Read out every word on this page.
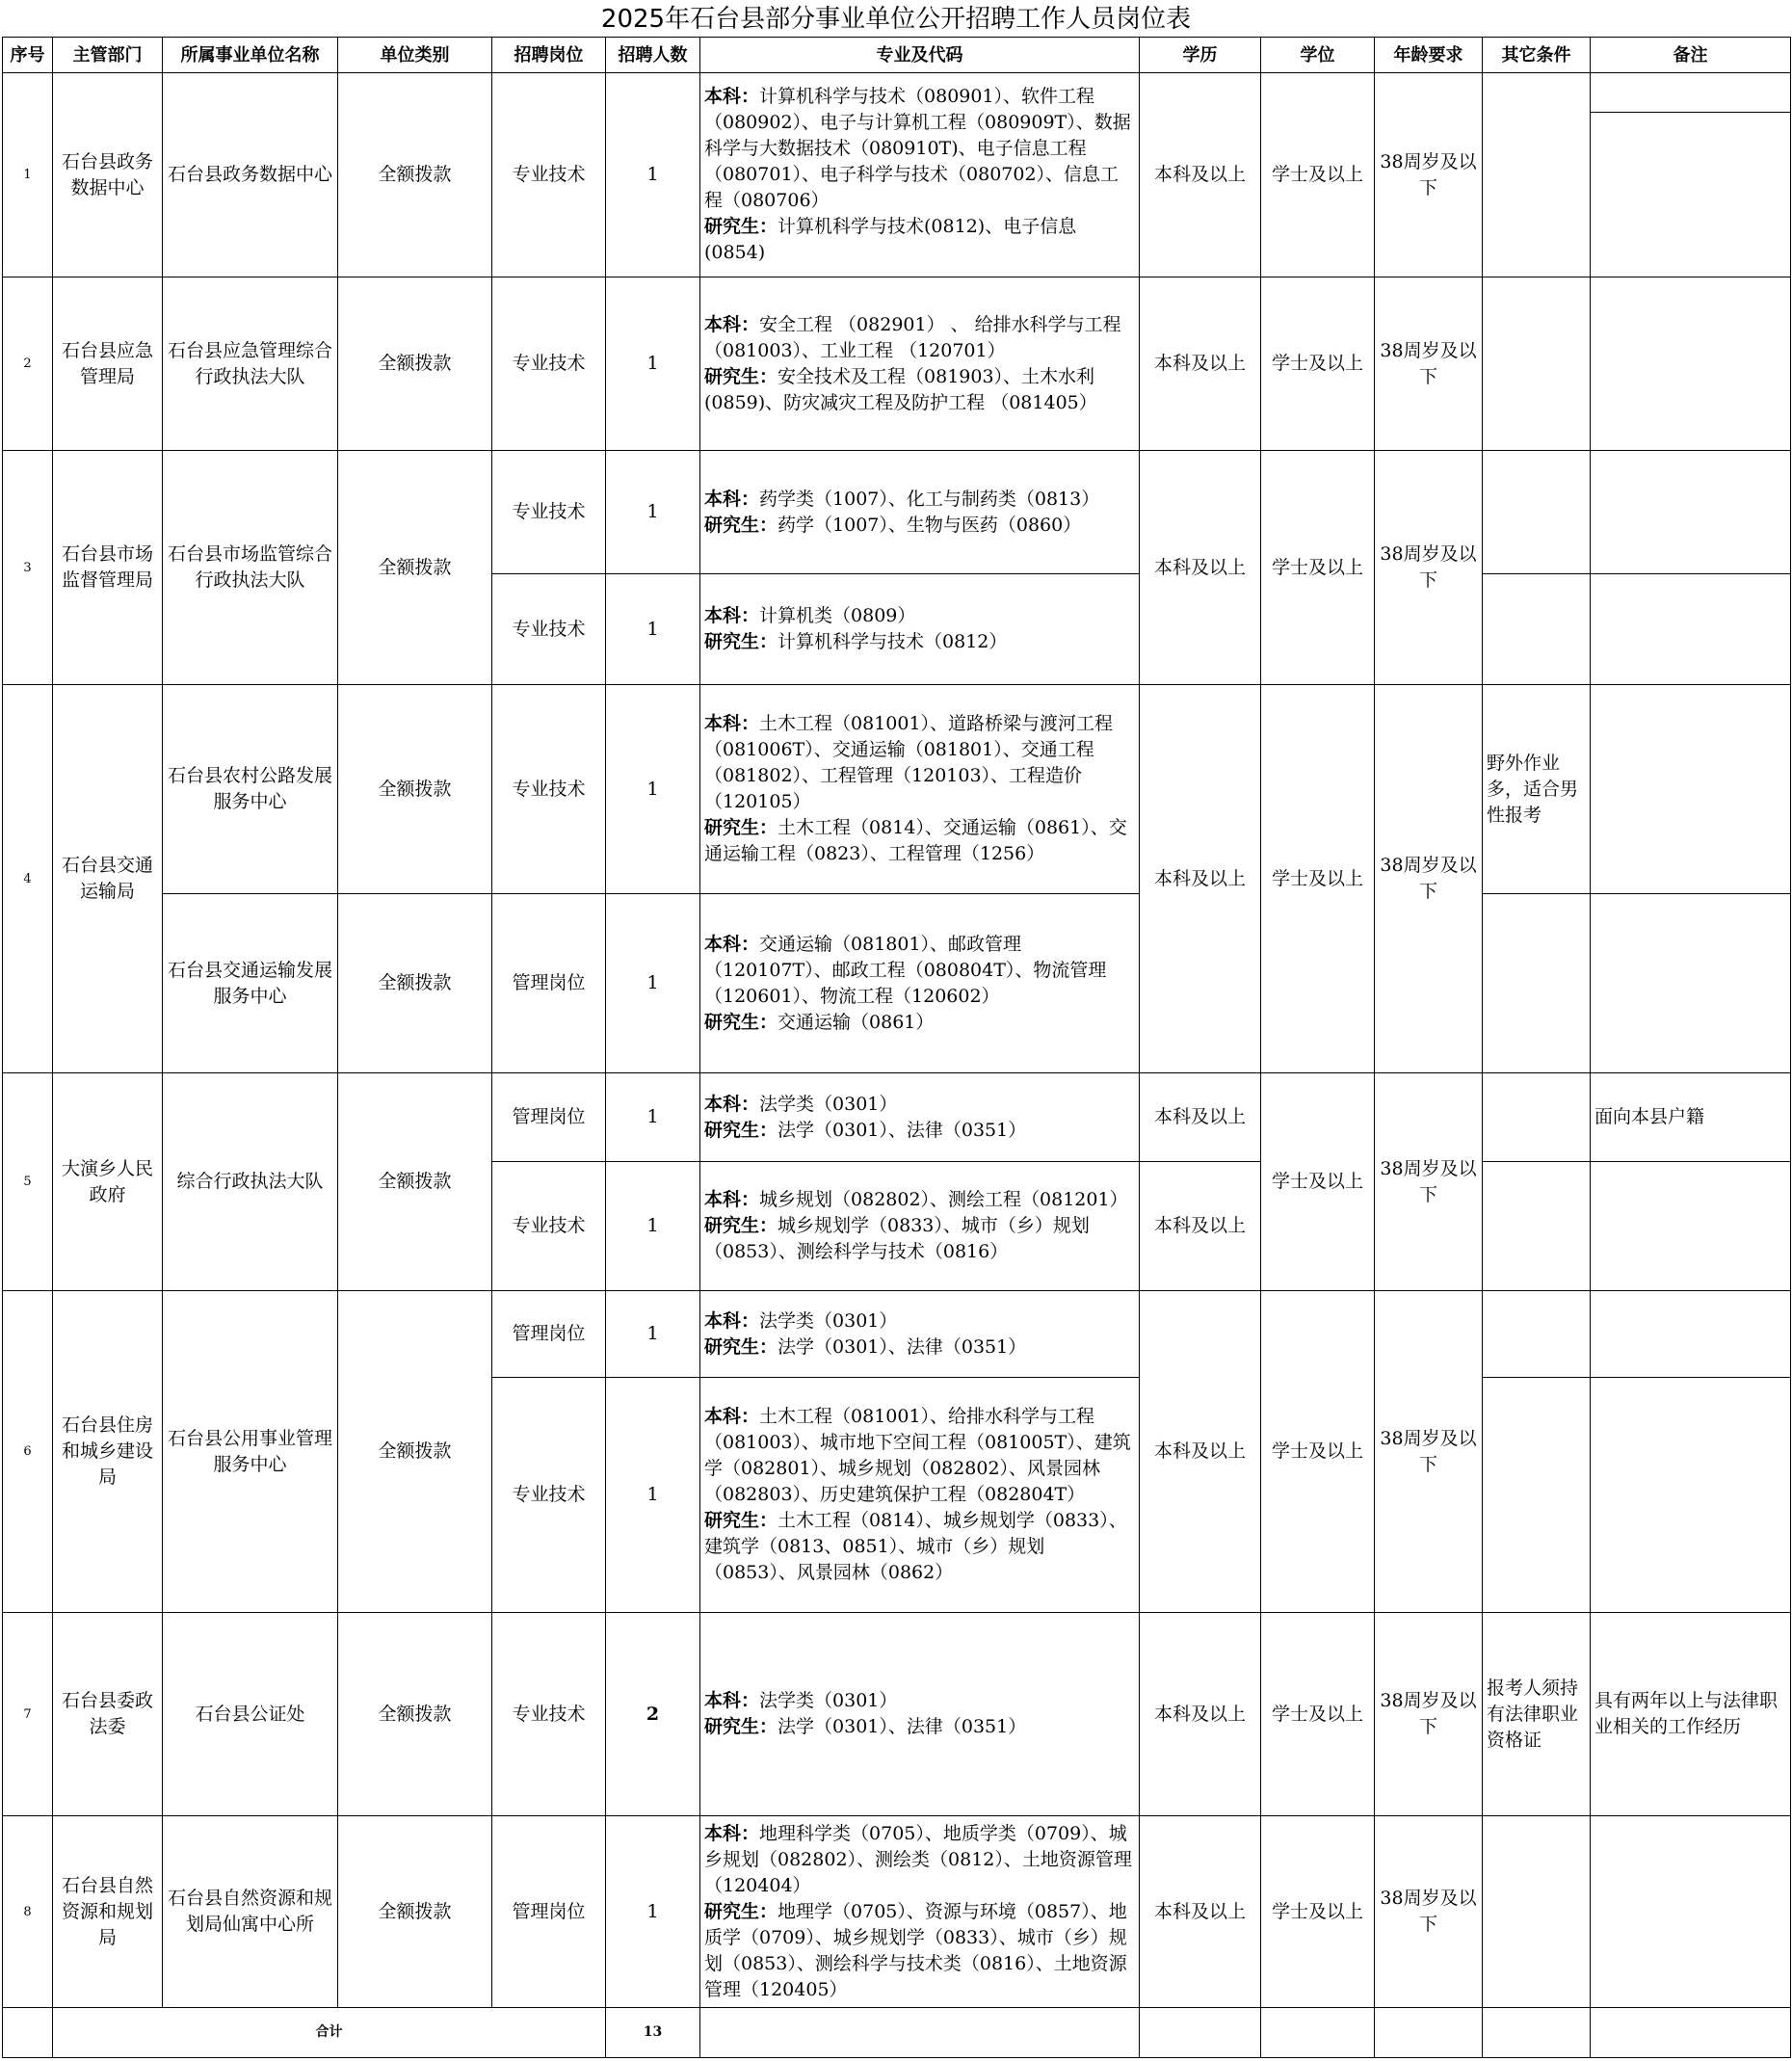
2025年石台县部分事业单位公开招聘工作人员岗位表
序号	主管部门	所属事业单位名称	单位类别	招聘岗位	招聘人数	专业及代码	学历	学位	年龄要求	其它条件	备注
1	石台县政务数据中心	石台县政务数据中心	全额拨款	专业技术	1	本科：计算机科学与技术（080901）、软件工程（080902）、电子与计算机工程（080909T）、数据科学与大数据技术（080910T)、电子信息工程（080701）、电子科学与技术（080702）、信息工程（080706）
研究生：计算机科学与技术(0812)、电子信息(0854)	本科及以上	学士及以上	38周岁及以下		

2	石台县应急管理局	石台县应急管理综合行政执法大队	全额拨款	专业技术	1	本科：安全工程 （082901） 、 给排水科学与工程（081003）、工业工程 （120701）
研究生：安全技术及工程（081903）、土木水利(0859)、防灾减灾工程及防护工程 （081405）	本科及以上	学士及以上	38周岁及以下		
3	石台县市场监督管理局	石台县市场监管综合行政执法大队	全额拨款	专业技术	1	本科：药学类（1007）、化工与制药类（0813）
研究生：药学（1007）、生物与医药（0860）	本科及以上	学士及以上	38周岁及以下		
				专业技术	1	本科：计算机类（0809）
研究生：计算机科学与技术（0812）					
4	石台县交通运输局	石台县农村公路发展服务中心	全额拨款	专业技术	1	本科：土木工程（081001）、道路桥梁与渡河工程（081006T）、交通运输（081801）、交通工程（081802）、工程管理（120103）、工程造价（120105）
研究生：土木工程（0814）、交通运输（0861）、交通运输工程（0823）、工程管理（1256）	本科及以上	学士及以上	38周岁及以下	野外作业多，适合男性报考	
		石台县交通运输发展服务中心	全额拨款	管理岗位	1	本科：交通运输（081801）、邮政管理（120107T）、邮政工程（080804T）、物流管理（120601）、物流工程（120602）
研究生：交通运输（0861）					
5	大演乡人民政府	综合行政执法大队	全额拨款	管理岗位	1	本科：法学类（0301）
研究生：法学（0301）、法律（0351）	本科及以上	学士及以上	38周岁及以下		面向本县户籍
				专业技术	1	本科：城乡规划（082802）、测绘工程（081201）
研究生：城乡规划学（0833）、城市（乡）规划（0853）、测绘科学与技术（0816）	本科及以上				
6	石台县住房和城乡建设局	石台县公用事业管理服务中心	全额拨款	管理岗位	1	本科：法学类（0301）
研究生：法学（0301）、法律（0351）	本科及以上	学士及以上	38周岁及以下		
				专业技术	1	本科：土木工程（081001）、给排水科学与工程（081003）、城市地下空间工程（081005T）、建筑学（082801）、城乡规划（082802）、风景园林（082803）、历史建筑保护工程（082804T）
研究生：土木工程（0814）、城乡规划学（0833）、建筑学（0813、0851）、城市（乡）规划（0853）、风景园林（0862）					
7	石台县委政法委	石台县公证处	全额拨款	专业技术	2	本科：法学类（0301）
研究生：法学（0301）、法律（0351）	本科及以上	学士及以上	38周岁及以下	报考人须持有法律职业资格证	具有两年以上与法律职业相关的工作经历
8	石台县自然资源和规划局	石台县自然资源和规划局仙寓中心所	全额拨款	管理岗位	1	本科：地理科学类（0705）、地质学类（0709）、城乡规划（082802）、测绘类（0812）、土地资源管理（120404）
研究生：地理学（0705）、资源与环境（0857）、地质学（0709）、城乡规划学（0833）、城市（乡）规划（0853）、测绘科学与技术类（0816）、土地资源管理（120405）	本科及以上	学士及以上	38周岁及以下		
	合计				13						
